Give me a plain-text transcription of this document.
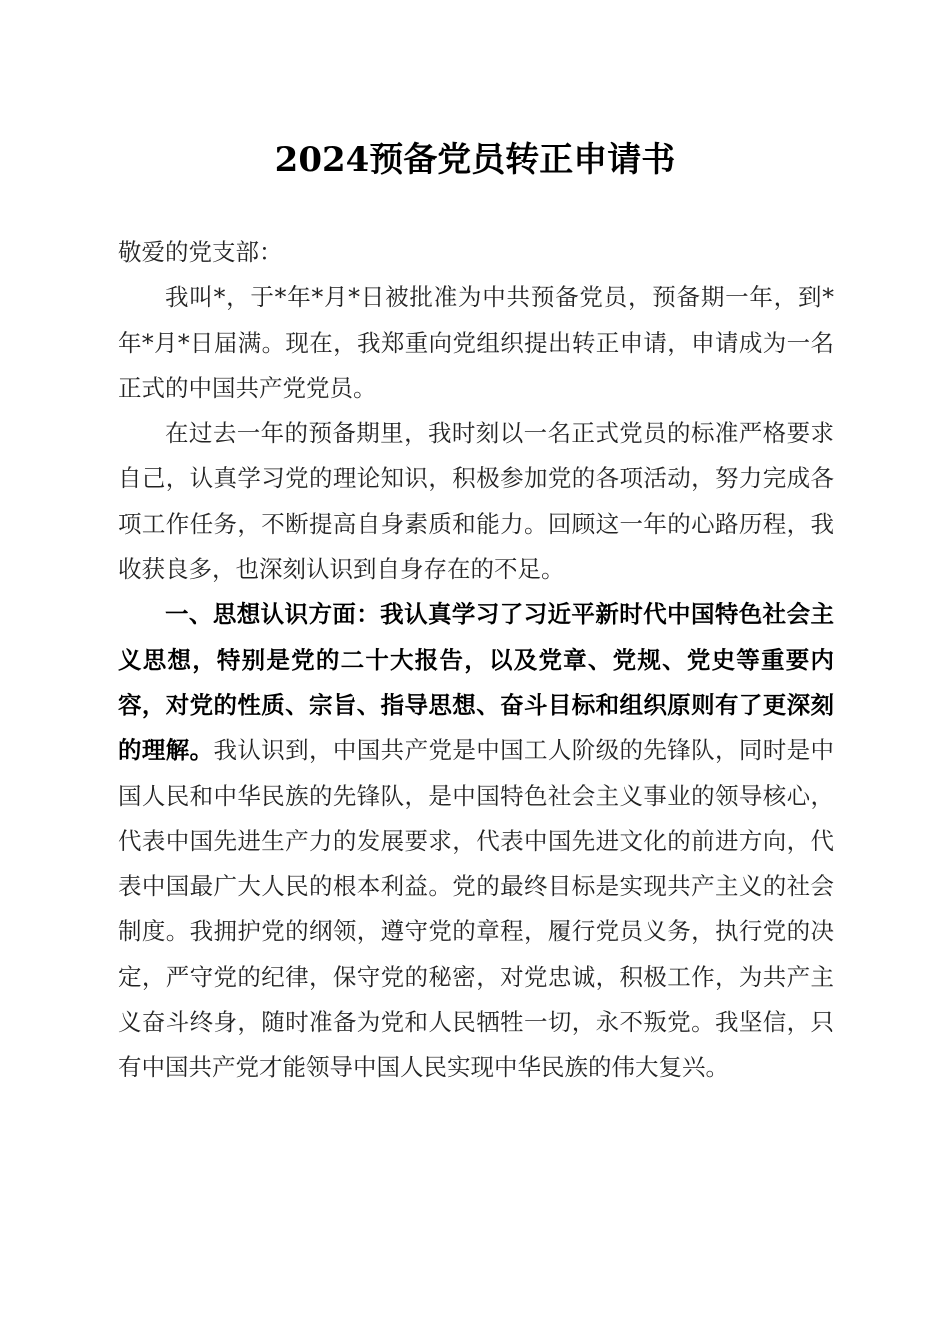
2024预备党员转正申请书

敬爱的党支部：

我叫*，于*年*月*日被批准为中共预备党员，预备期一年，到*年*月*日届满。现在，我郑重向党组织提出转正申请，申请成为一名正式的中国共产党党员。

在过去一年的预备期里，我时刻以一名正式党员的标准严格要求自己，认真学习党的理论知识，积极参加党的各项活动，努力完成各项工作任务，不断提高自身素质和能力。回顾这一年的心路历程，我收获良多，也深刻认识到自身存在的不足。

一、思想认识方面：我认真学习了习近平新时代中国特色社会主义思想，特别是党的二十大报告，以及党章、党规、党史等重要内容，对党的性质、宗旨、指导思想、奋斗目标和组织原则有了更深刻的理解。我认识到，中国共产党是中国工人阶级的先锋队，同时是中国人民和中华民族的先锋队，是中国特色社会主义事业的领导核心，代表中国先进生产力的发展要求，代表中国先进文化的前进方向，代表中国最广大人民的根本利益。党的最终目标是实现共产主义的社会制度。我拥护党的纲领，遵守党的章程，履行党员义务，执行党的决定，严守党的纪律，保守党的秘密，对党忠诚，积极工作，为共产主义奋斗终身，随时准备为党和人民牺牲一切，永不叛党。我坚信，只有中国共产党才能领导中国人民实现中华民族的伟大复兴。
